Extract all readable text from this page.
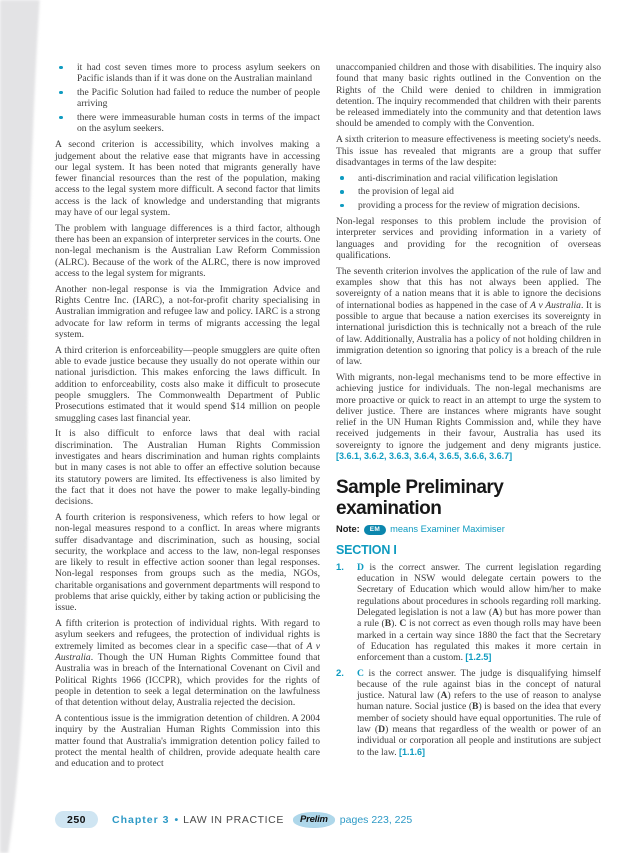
it had cost seven times more to process asylum seekers on Pacific islands than if it was done on the Australian mainland
the Pacific Solution had failed to reduce the number of people arriving
there were immeasurable human costs in terms of the impact on the asylum seekers.

A second criterion is accessibility, which involves making a judgement about the relative ease that migrants have in accessing our legal system. It has been noted that migrants generally have fewer financial resources than the rest of the population, making access to the legal system more difficult. A second factor that limits access is the lack of knowledge and understanding that migrants may have of our legal system.

The problem with language differences is a third factor, although there has been an expansion of interpreter services in the courts. One non-legal mechanism is the Australian Law Reform Commission (ALRC). Because of the work of the ALRC, there is now improved access to the legal system for migrants.

Another non-legal response is via the Immigration Advice and Rights Centre Inc. (IARC), a not-for-profit charity specialising in Australian immigration and refugee law and policy. IARC is a strong advocate for law reform in terms of migrants accessing the legal system.

A third criterion is enforceability—people smugglers are quite often able to evade justice because they usually do not operate within our national jurisdiction. This makes enforcing the laws difficult. In addition to enforceability, costs also make it difficult to prosecute people smugglers. The Commonwealth Department of Public Prosecutions estimated that it would spend $14 million on people smuggling cases last financial year.

It is also difficult to enforce laws that deal with racial discrimination. The Australian Human Rights Commission investigates and hears discrimination and human rights complaints but in many cases is not able to offer an effective solution because its statutory powers are limited. Its effectiveness is also limited by the fact that it does not have the power to make legally-binding decisions.

A fourth criterion is responsiveness, which refers to how legal or non-legal measures respond to a conflict. In areas where migrants suffer disadvantage and discrimination, such as housing, social security, the workplace and access to the law, non-legal responses are likely to result in effective action sooner than legal responses. Non-legal responses from groups such as the media, NGOs, charitable organisations and government departments will respond to problems that arise quickly, either by taking action or publicising the issue.

A fifth criterion is protection of individual rights. With regard to asylum seekers and refugees, the protection of individual rights is extremely limited as becomes clear in a specific case—that of A v Australia. Though the UN Human Rights Committee found that Australia was in breach of the International Covenant on Civil and Political Rights 1966 (ICCPR), which provides for the rights of people in detention to seek a legal determination on the lawfulness of that detention without delay, Australia rejected the decision.

A contentious issue is the immigration detention of children. A 2004 inquiry by the Australian Human Rights Commission into this matter found that Australia's immigration detention policy failed to protect the mental health of children, provide adequate health care and education and to protect

unaccompanied children and those with disabilities. The inquiry also found that many basic rights outlined in the Convention on the Rights of the Child were denied to children in immigration detention. The inquiry recommended that children with their parents be released immediately into the community and that detention laws should be amended to comply with the Convention.

A sixth criterion to measure effectiveness is meeting society's needs. This issue has revealed that migrants are a group that suffer disadvantages in terms of the law despite:

anti-discrimination and racial vilification legislation
the provision of legal aid
providing a process for the review of migration decisions.

Non-legal responses to this problem include the provision of interpreter services and providing information in a variety of languages and providing for the recognition of overseas qualifications.

The seventh criterion involves the application of the rule of law and examples show that this has not always been applied. The sovereignty of a nation means that it is able to ignore the decisions of international bodies as happened in the case of A v Australia. It is possible to argue that because a nation exercises its sovereignty in international jurisdiction this is technically not a breach of the rule of law. Additionally, Australia has a policy of not holding children in immigration detention so ignoring that policy is a breach of the rule of law.

With migrants, non-legal mechanisms tend to be more effective in achieving justice for individuals. The non-legal mechanisms are more proactive or quick to react in an attempt to urge the system to deliver justice. There are instances where migrants have sought relief in the UN Human Rights Commission and, while they have received judgements in their favour, Australia has used its sovereignty to ignore the judgement and deny migrants justice. [3.6.1, 3.6.2, 3.6.3, 3.6.4, 3.6.5, 3.6.6, 3.6.7]

Sample Preliminary examination
Note:	EM	means Examiner Maximiser
SECTION I
1.	D is the correct answer. The current legislation regarding education in NSW would delegate certain powers to the Secretary of Education which would allow him/her to make regulations about procedures in schools regarding roll marking. Delegated legislation is not a law (A) but has more power than a rule (B). C is not correct as even though rolls may have been marked in a certain way since 1880 the fact that the Secretary of Education has regulated this makes it more certain in enforcement than a custom. [1.2.5]
2.	C is the correct answer. The judge is disqualifying himself because of the rule against bias in the concept of natural justice. Natural law (A) refers to the use of reason to analyse human nature. Social justice (B) is based on the idea that every member of society should have equal opportunities. The rule of law (D) means that regardless of the wealth or power of an individual or corporation all people and institutions are subject to the law. [1.1.6]
250	Chapter 3 • LAW IN PRACTICE	Prelim	pages 223, 225
